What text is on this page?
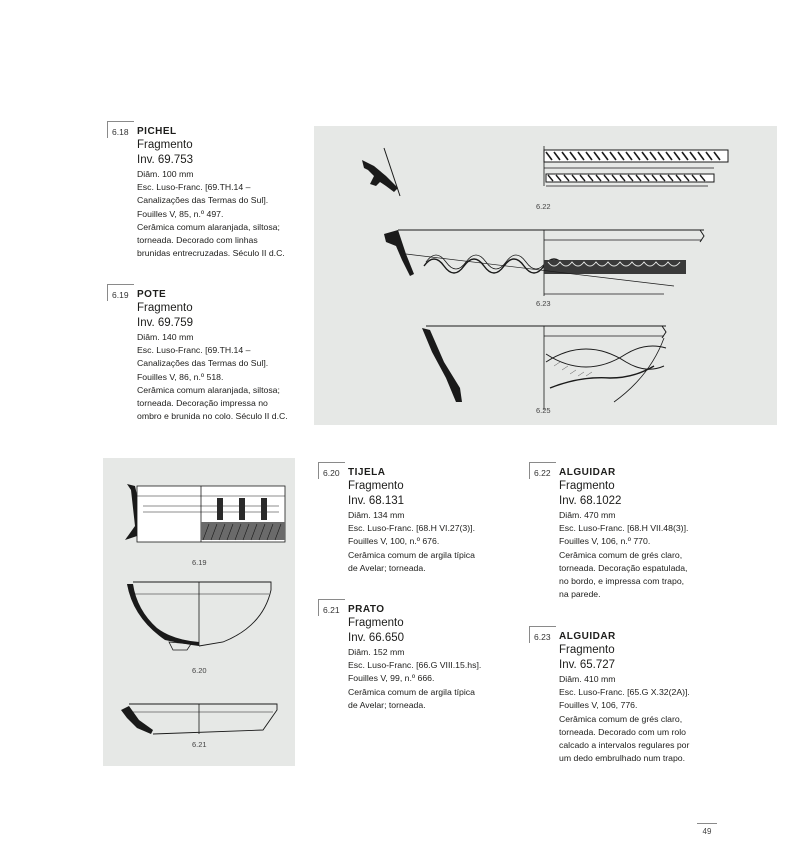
6.18 PICHEL
Fragmento
Inv. 69.753
Diâm. 100 mm
Esc. Luso-Franc. [69.TH.14 –
Canalizações das Termas do Sul].
Fouilles V, 85, n.º 497.
Cerâmica comum alaranjada, siltosa;
torneada. Decorado com linhas
brunidas entrecruzadas. Século II d.C.
6.19 POTE
Fragmento
Inv. 69.759
Diâm. 140 mm
Esc. Luso-Franc. [69.TH.14 –
Canalizações das Termas do Sul].
Fouilles V, 86, n.º 518.
Cerâmica comum alaranjada, siltosa;
torneada. Decoração impressa no
ombro e brunida no colo. Século II d.C.
6.20 TIJELA
Fragmento
Inv. 68.131
Diâm. 134 mm
Esc. Luso-Franc. [68.H VI.27(3)].
Fouilles V, 100, n.º 676.
Cerâmica comum de argila típica
de Avelar; torneada.
6.21 PRATO
Fragmento
Inv. 66.650
Diâm. 152 mm
Esc. Luso-Franc. [66.G VIII.15.hs].
Fouilles V, 99, n.º 666.
Cerâmica comum de argila típica
de Avelar; torneada.
6.22 ALGUIDAR
Fragmento
Inv. 68.1022
Diâm. 470 mm
Esc. Luso-Franc. [68.H VII.48(3)].
Fouilles V, 106, n.º 770.
Cerâmica comum de grés claro,
torneada. Decoração espatulada,
no bordo, e impressa com trapo,
na parede.
6.23 ALGUIDAR
Fragmento
Inv. 65.727
Diâm. 410 mm
Esc. Luso-Franc. [65.G X.32(2A)].
Fouilles V, 106, 776.
Cerâmica comum de grés claro,
torneada. Decorado com um rolo
calcado a intervalos regulares por
um dedo embrulhado num trapo.
6.22
6.23
6.25
6.19
6.20
6.21
49
